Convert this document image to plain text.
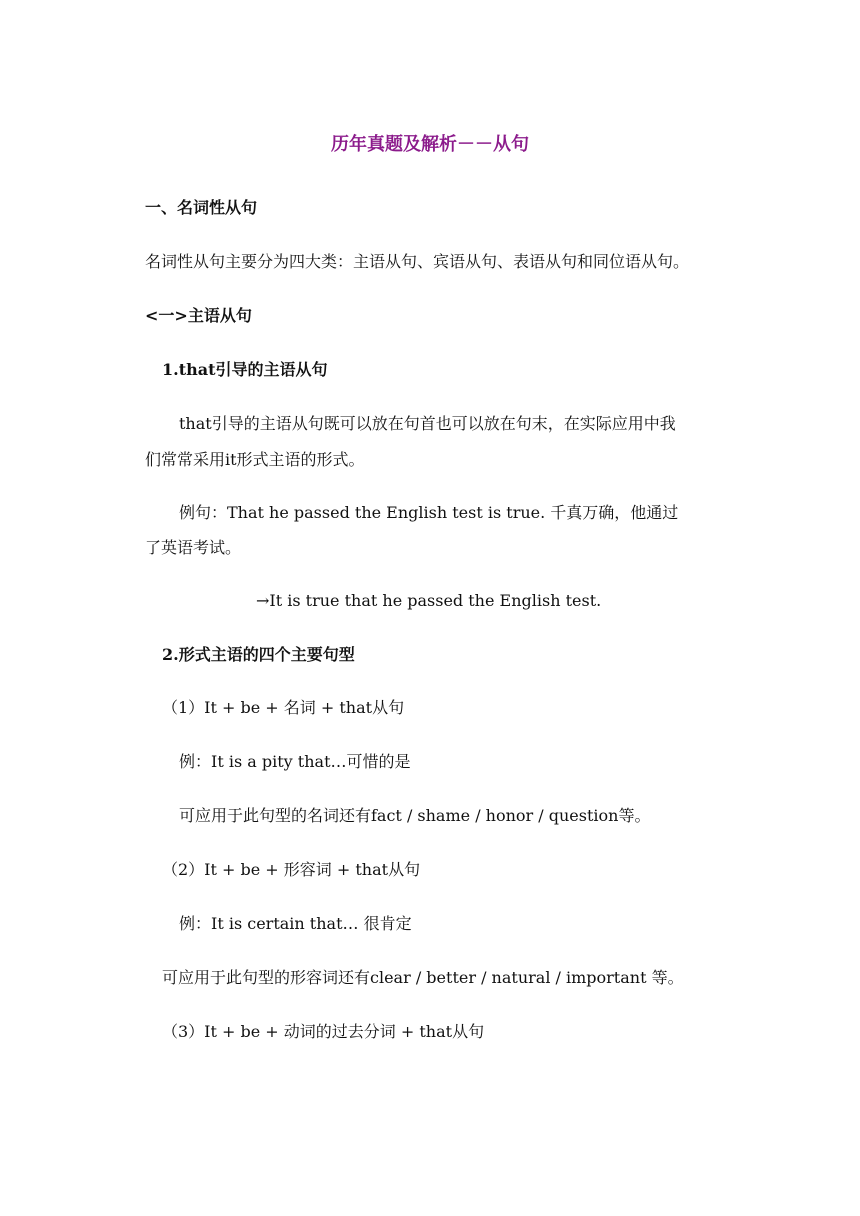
历年真题及解析－－从句
一、名词性从句
名词性从句主要分为四大类：主语从句、宾语从句、表语从句和同位语从句。
<一>主语从句
1.that引导的主语从句
that引导的主语从句既可以放在句首也可以放在句末，在实际应用中我
们常常采用it形式主语的形式。
例句：That he passed the English test is true. 千真万确，他通过
了英语考试。
→It is true that he passed the English test.
2.形式主语的四个主要句型
（1）It + be + 名词 + that从句
例：It is a pity that…可惜的是
可应用于此句型的名词还有fact / shame / honor / question等。
（2）It + be + 形容词 + that从句
例：It is certain that… 很肯定
可应用于此句型的形容词还有clear / better / natural / important 等。
（3）It + be + 动词的过去分词 + that从句
